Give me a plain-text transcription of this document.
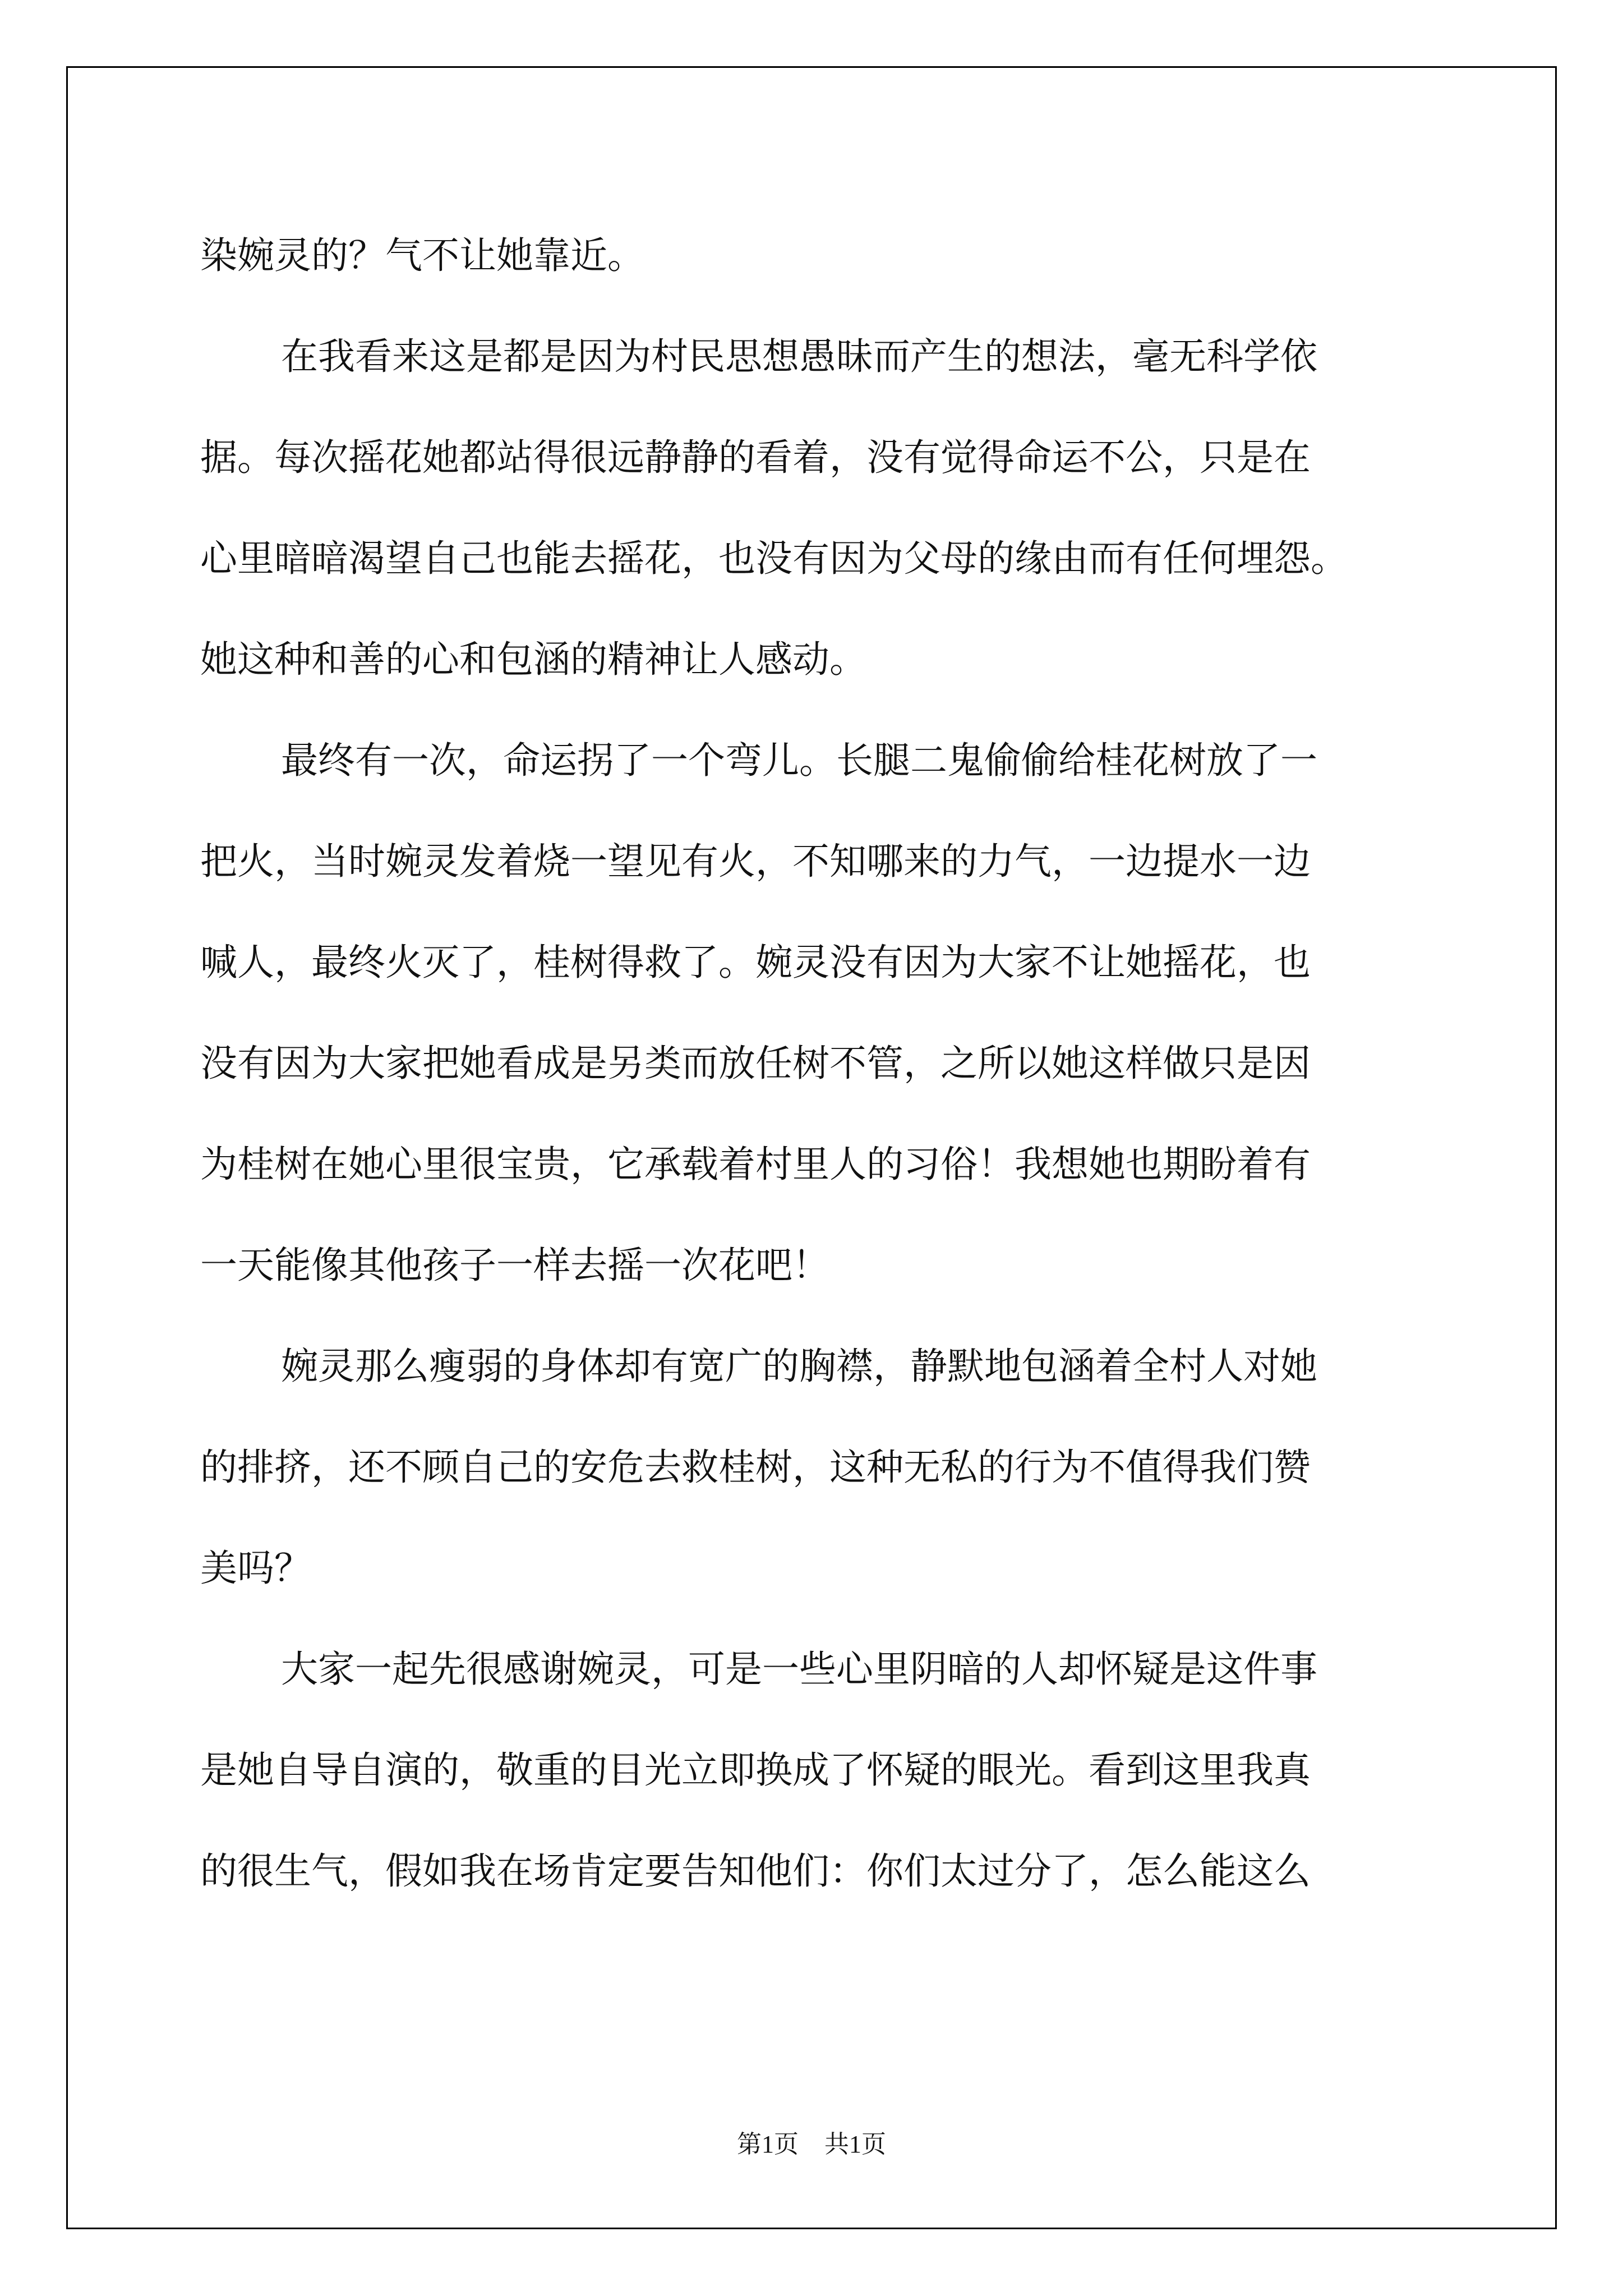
染婉灵的？气不让她靠近。
在我看来这是都是因为村民思想愚昧而产生的想法，毫无科学依
据。每次摇花她都站得很远静静的看着，没有觉得命运不公，只是在
心里暗暗渴望自己也能去摇花，也没有因为父母的缘由而有任何埋怨。
她这种和善的心和包涵的精神让人感动。
最终有一次，命运拐了一个弯儿。长腿二鬼偷偷给桂花树放了一
把火，当时婉灵发着烧一望见有火，不知哪来的力气，一边提水一边
喊人，最终火灭了，桂树得救了。婉灵没有因为大家不让她摇花，也
没有因为大家把她看成是另类而放任树不管，之所以她这样做只是因
为桂树在她心里很宝贵，它承载着村里人的习俗！我想她也期盼着有
一天能像其他孩子一样去摇一次花吧！
婉灵那么瘦弱的身体却有宽广的胸襟，静默地包涵着全村人对她
的排挤，还不顾自己的安危去救桂树，这种无私的行为不值得我们赞
美吗？
大家一起先很感谢婉灵，可是一些心里阴暗的人却怀疑是这件事
是她自导自演的，敬重的目光立即换成了怀疑的眼光。看到这里我真
的很生气，假如我在场肯定要告知他们：你们太过分了，怎么能这么
第1页 共1页
